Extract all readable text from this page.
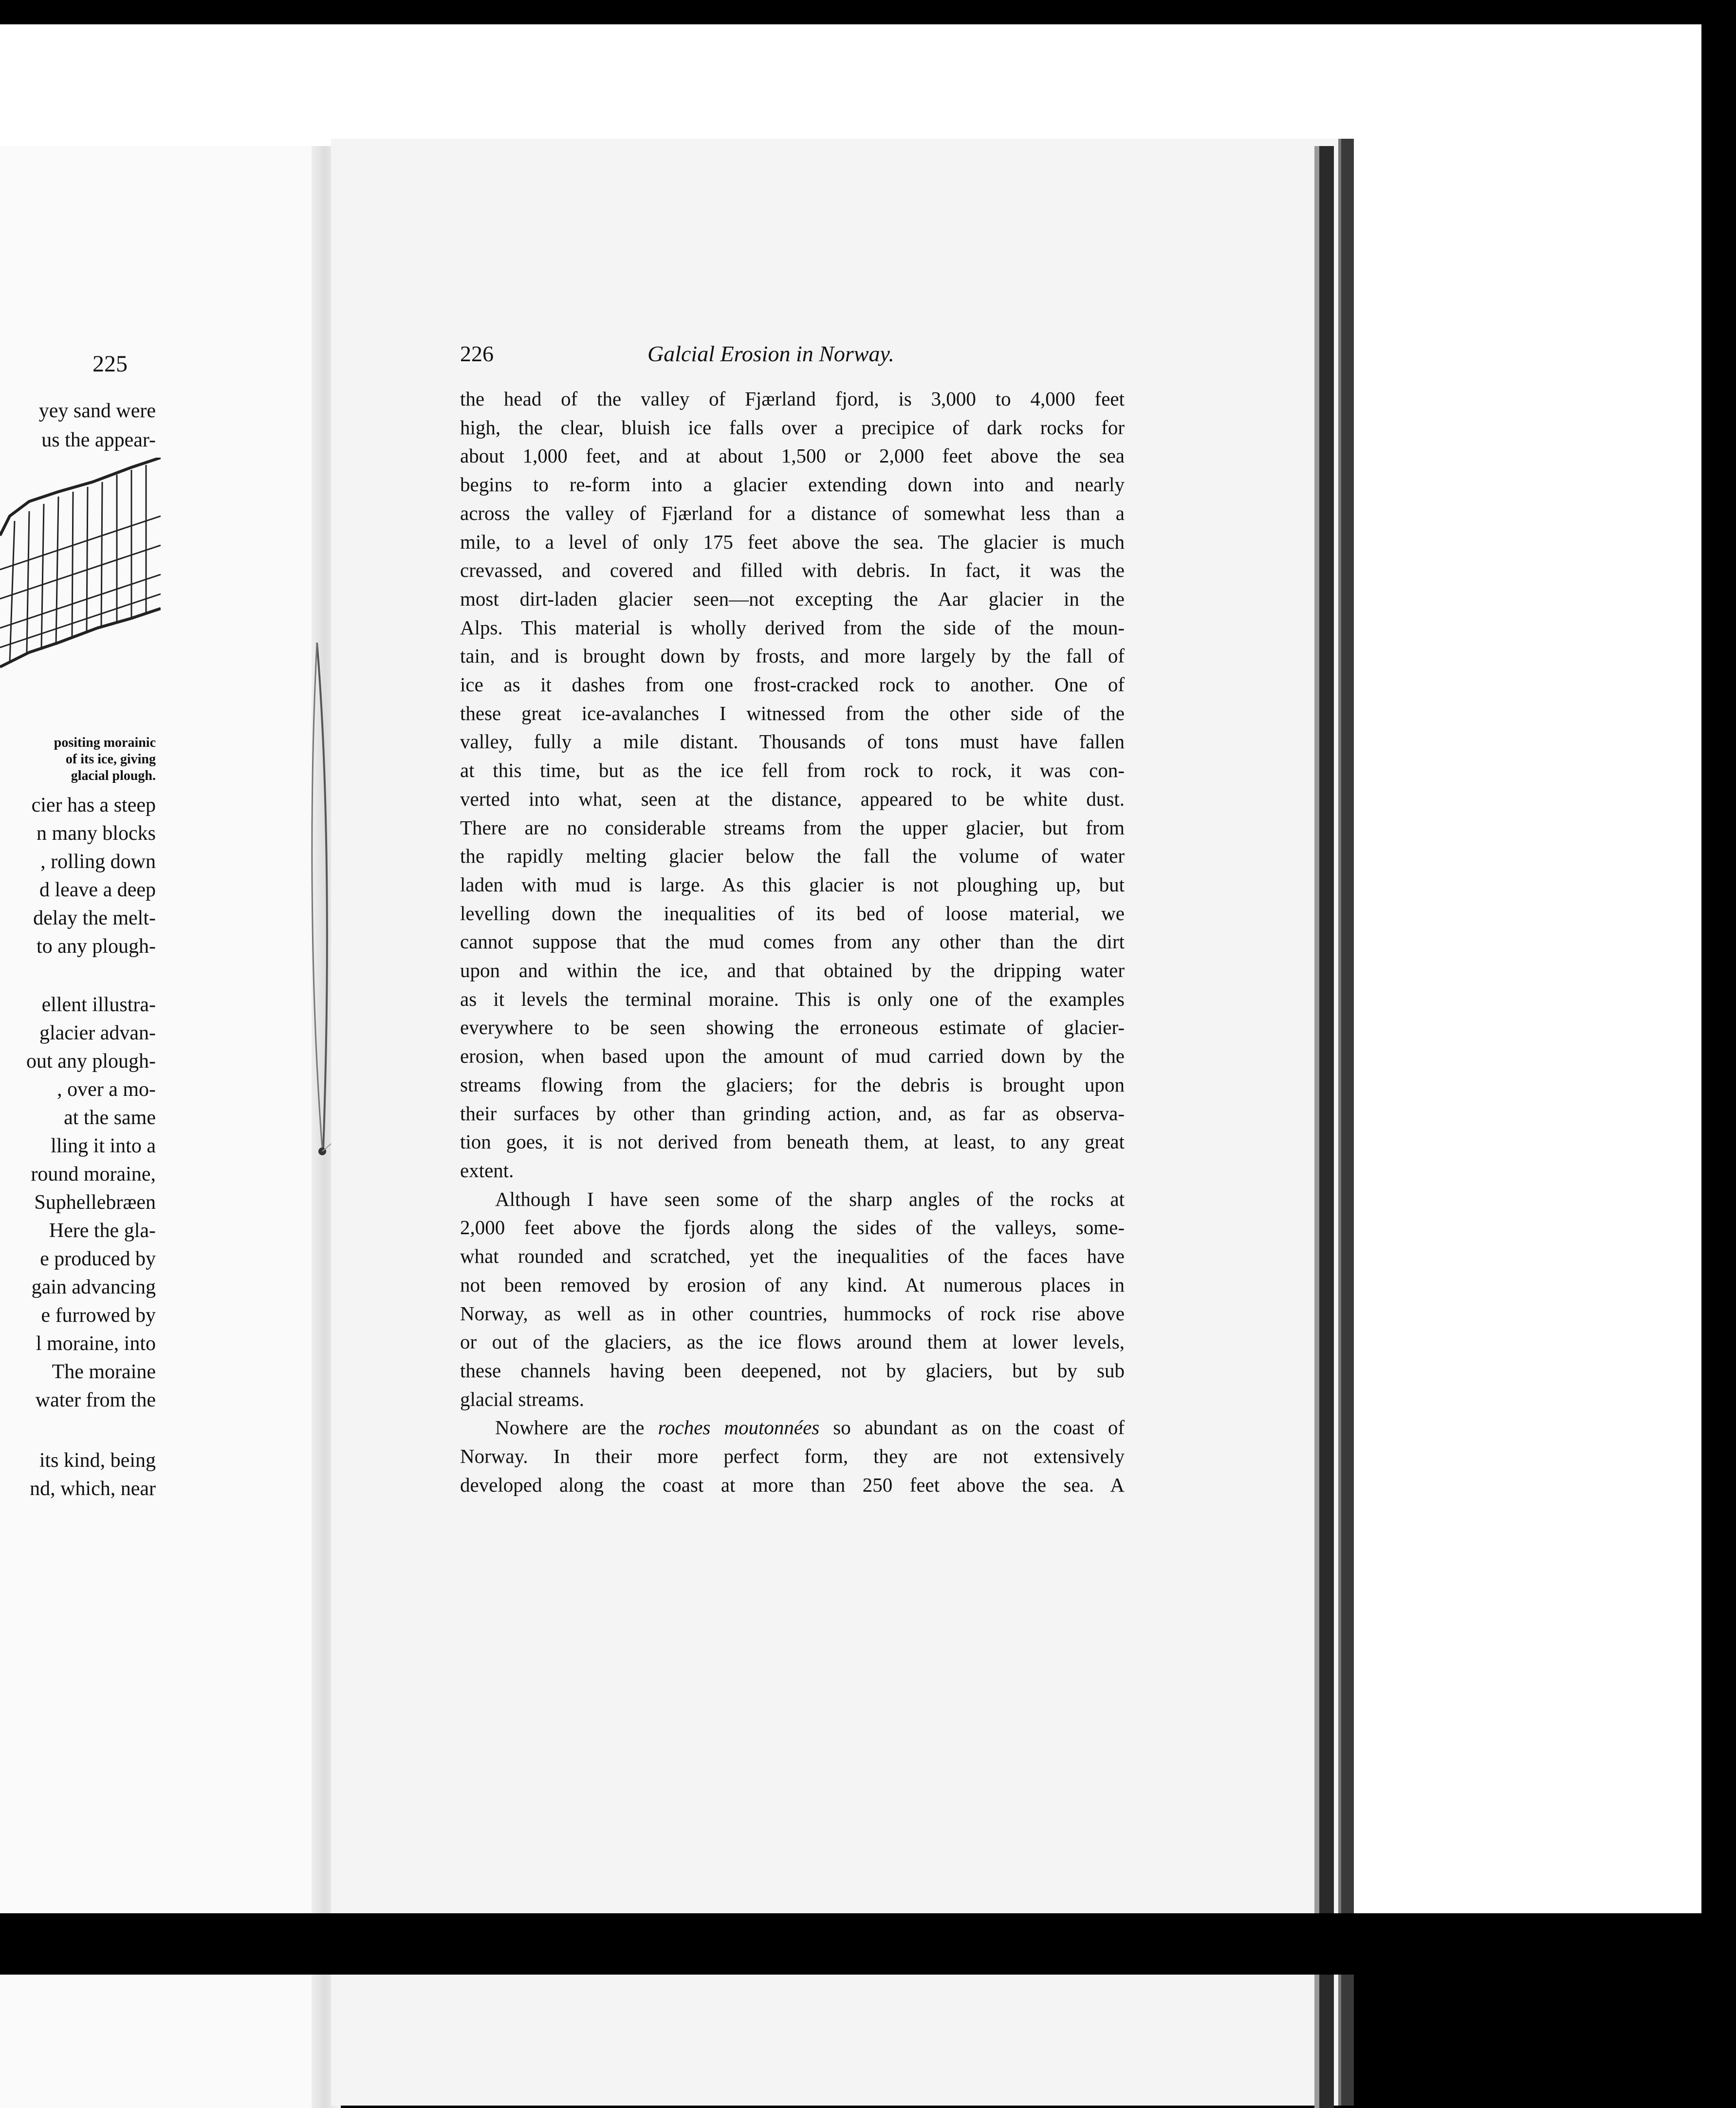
225
yey sand were
us the appear-
positing morainic
of its ice, giving
glacial plough.
cier has a steep
n many blocks
, rolling down
d leave a deep
delay the melt-
to any plough-
ellent illustra-
glacier advan-
out any plough-
, over a mo-
at the same
lling it into a
round moraine,
Suphellebræen
Here the gla-
e produced by
gain advancing
e furrowed by
l moraine, into
The moraine
water from the
its kind, being
nd, which, near
226	Galcial Erosion in Norway.
the head of the valley of Fjærland fjord, is 3,000 to 4,000 feet
high, the clear, bluish ice falls over a precipice of dark rocks for
about 1,000 feet, and at about 1,500 or 2,000 feet above the sea
begins to re-form into a glacier extending down into and nearly
across the valley of Fjærland for a distance of somewhat less than a
mile, to a level of only 175 feet above the sea. The glacier is much
crevassed, and covered and filled with debris. In fact, it was the
most dirt-laden glacier seen—not excepting the Aar glacier in the
Alps. This material is wholly derived from the side of the moun-
tain, and is brought down by frosts, and more largely by the fall of
ice as it dashes from one frost-cracked rock to another. One of
these great ice-avalanches I witnessed from the other side of the
valley, fully a mile distant. Thousands of tons must have fallen
at this time, but as the ice fell from rock to rock, it was con-
verted into what, seen at the distance, appeared to be white dust.
There are no considerable streams from the upper glacier, but from
the rapidly melting glacier below the fall the volume of water
laden with mud is large. As this glacier is not ploughing up, but
levelling down the inequalities of its bed of loose material, we
cannot suppose that the mud comes from any other than the dirt
upon and within the ice, and that obtained by the dripping water
as it levels the terminal moraine. This is only one of the examples
everywhere to be seen showing the erroneous estimate of glacier-
erosion, when based upon the amount of mud carried down by the
streams flowing from the glaciers; for the debris is brought upon
their surfaces by other than grinding action, and, as far as observa-
tion goes, it is not derived from beneath them, at least, to any great
extent.
Although I have seen some of the sharp angles of the rocks at
2,000 feet above the fjords along the sides of the valleys, some-
what rounded and scratched, yet the inequalities of the faces have
not been removed by erosion of any kind. At numerous places in
Norway, as well as in other countries, hummocks of rock rise above
or out of the glaciers, as the ice flows around them at lower levels,
these channels having been deepened, not by glaciers, but by sub
glacial streams.
Nowhere are the roches moutonnées so abundant as on the coast of
Norway. In their more perfect form, they are not extensively
developed along the coast at more than 250 feet above the sea. A
